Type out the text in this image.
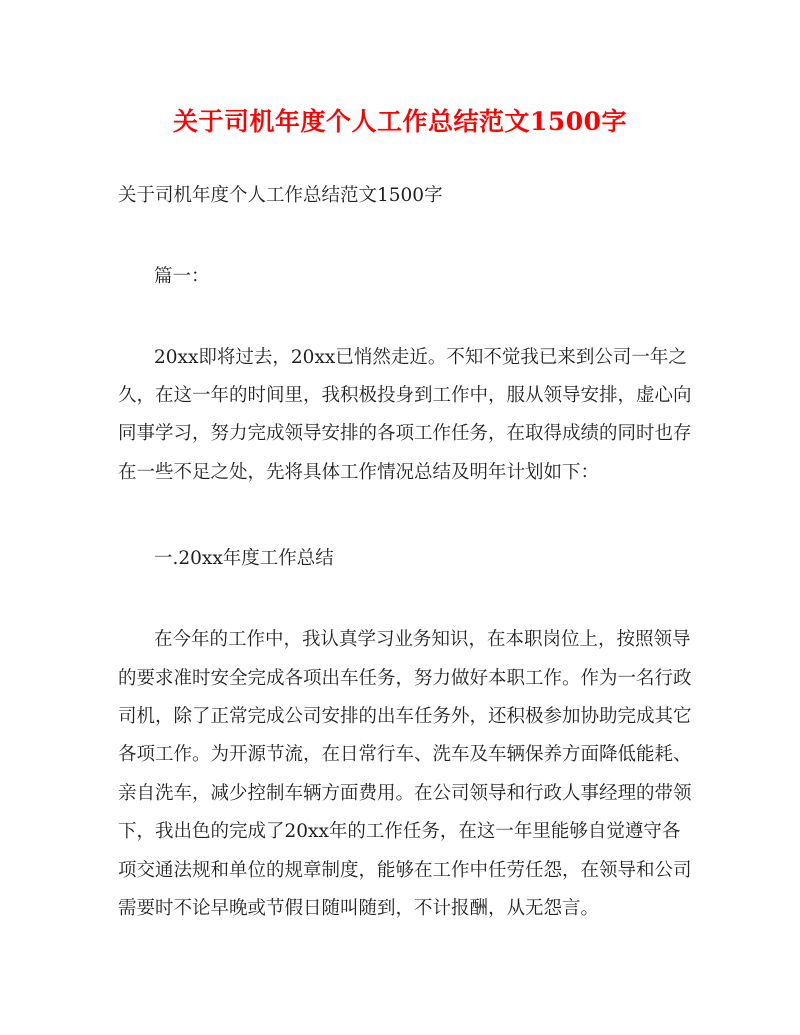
关于司机年度个人工作总结范文1500字
关于司机年度个人工作总结范文1500字
篇一：
20xx即将过去，20xx已悄然走近。不知不觉我已来到公司一年之
久，在这一年的时间里，我积极投身到工作中，服从领导安排，虚心向
同事学习，努力完成领导安排的各项工作任务，在取得成绩的同时也存
在一些不足之处，先将具体工作情况总结及明年计划如下：
一.20xx年度工作总结
在今年的工作中，我认真学习业务知识，在本职岗位上，按照领导
的要求准时安全完成各项出车任务，努力做好本职工作。作为一名行政
司机，除了正常完成公司安排的出车任务外，还积极参加协助完成其它
各项工作。为开源节流，在日常行车、洗车及车辆保养方面降低能耗、
亲自洗车，减少控制车辆方面费用。在公司领导和行政人事经理的带领
下，我出色的完成了20xx年的工作任务，在这一年里能够自觉遵守各
项交通法规和单位的规章制度，能够在工作中任劳任怨，在领导和公司
需要时不论早晚或节假日随叫随到，不计报酬，从无怨言。
